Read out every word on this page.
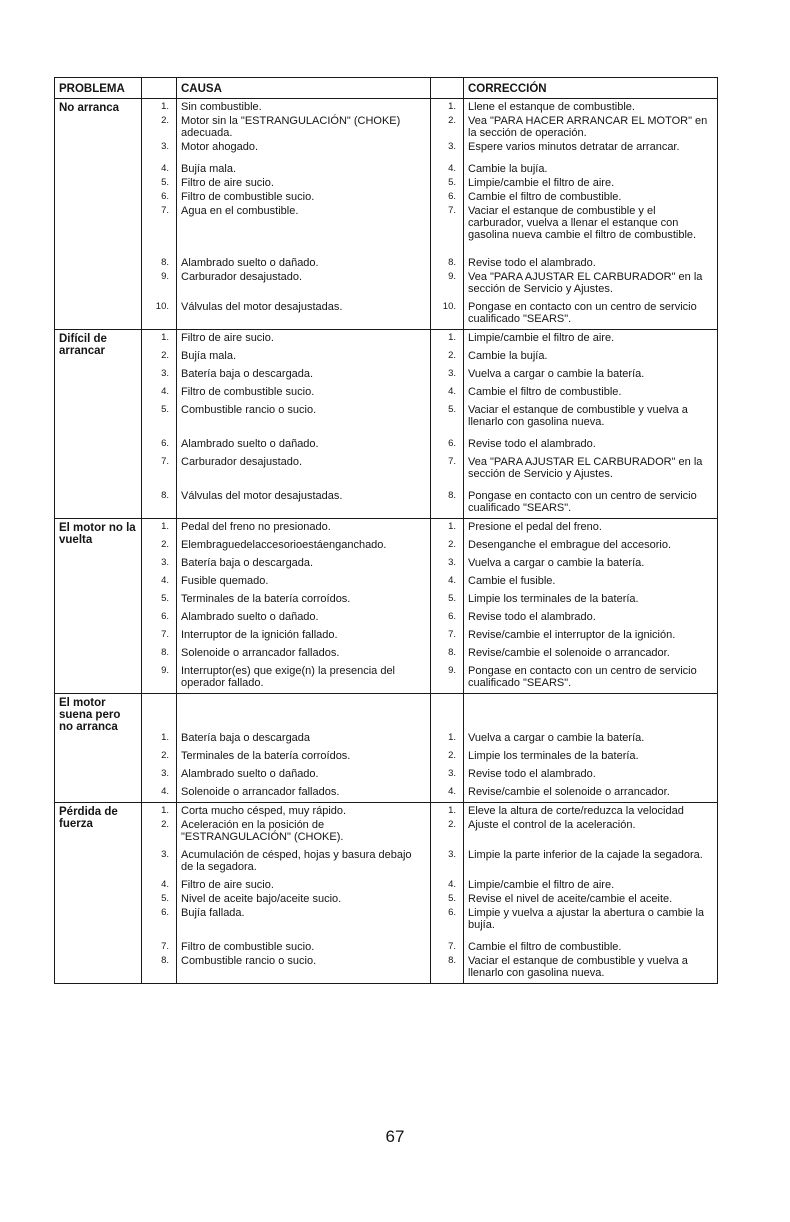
PROBLEMA		CAUSA		CORRECCIÓN
No arranca	1.	Sin combustible.	1.	Llene el estanque de combustible.
	2.	Motor sin la "ESTRANGULACIÓN" (CHOKE) adecuada.	2.	Vea "PARA HACER ARRANCAR EL MOTOR" en la sección de operación.
	3.	Motor ahogado.	3.	Espere varios minutos detratar de arrancar.
	4.	Bujía mala.	4.	Cambie la bujía.
	5.	Filtro de aire sucio.	5.	Limpie/cambie el filtro de aire.
	6.	Filtro de combustible sucio.	6.	Cambie el filtro de combustible.
	7.	Agua en el combustible.	7.	Vaciar el estanque de combustible y el carburador, vuelva a llenar el estanque con gasolina nueva cambie el filtro de combustible.
	8.	Alambrado suelto o dañado.	8.	Revise todo el alambrado.
	9.	Carburador desajustado.	9.	Vea "PARA AJUSTAR EL CARBURADOR" en la sección de Servicio y Ajustes.
	10.	Válvulas del motor desajustadas.	10.	Pongase en contacto con un centro de servicio cualificado "SEARS".
Difícil de arrancar	1.	Filtro de aire sucio.	1.	Limpie/cambie el filtro de aire.
	2.	Bujía mala.	2.	Cambie la bujía.
	3.	Batería baja o descargada.	3.	Vuelva a cargar o cambie la batería.
	4.	Filtro de combustible sucio.	4.	Cambie el filtro de combustible.
	5.	Combustible rancio o sucio.	5.	Vaciar el estanque de combustible y vuelva a llenarlo con gasolina nueva.
	6.	Alambrado suelto o dañado.	6.	Revise todo el alambrado.
	7.	Carburador desajustado.	7.	Vea "PARA AJUSTAR EL CARBURADOR" en la sección de Servicio y Ajustes.
	8.	Válvulas del motor desajustadas.	8.	Pongase en contacto con un centro de servicio cualificado "SEARS".
El motor no la vuelta	1.	Pedal del freno no presionado.	1.	Presione el pedal del freno.
	2.	Elembraguedelaccesorioestáenganchado.	2.	Desenganche el embrague del accesorio.
	3.	Batería baja o descargada.	3.	Vuelva a cargar o cambie la batería.
	4.	Fusible quemado.	4.	Cambie el fusible.
	5.	Terminales de la batería corroídos.	5.	Limpie los terminales de la batería.
	6.	Alambrado suelto o dañado.	6.	Revise todo el alambrado.
	7.	Interruptor de la ignición fallado.	7.	Revise/cambie el interruptor de la ignición.
	8.	Solenoide o arrancador fallados.	8.	Revise/cambie el solenoide o arrancador.
	9.	Interruptor(es) que exige(n) la presencia del operador fallado.	9.	Pongase en contacto con un centro de servicio cualificado "SEARS".
El motor suena pero no arranca	1.	Batería baja o descargada	1.	Vuelva a cargar o cambie la batería.
	2.	Terminales de la batería corroídos.	2.	Limpie los terminales de la batería.
	3.	Alambrado suelto o dañado.	3.	Revise todo el alambrado.
	4.	Solenoide o arrancador fallados.	4.	Revise/cambie el solenoide o arrancador.
Pérdida de fuerza	1.	Corta mucho césped, muy rápido.	1.	Eleve la altura de corte/reduzca la velocidad
	2.	Aceleración en la posición de "ESTRANGULACIÓN" (CHOKE).	2.	Ajuste el control de la aceleración.
	3.	Acumulación de césped, hojas y basura debajo de la segadora.	3.	Limpie la parte inferior de la cajade la segadora.
	4.	Filtro de aire sucio.	4.	Limpie/cambie el filtro de aire.
	5.	Nivel de aceite bajo/aceite sucio.	5.	Revise el nivel de aceite/cambie el aceite.
	6.	Bujía fallada.	6.	Limpie y vuelva a ajustar la abertura o cambie la bujía.
	7.	Filtro de combustible sucio.	7.	Cambie el filtro de combustible.
	8.	Combustible rancio o sucio.	8.	Vaciar el estanque de combustible y vuelva a llenarlo con gasolina nueva.
67
